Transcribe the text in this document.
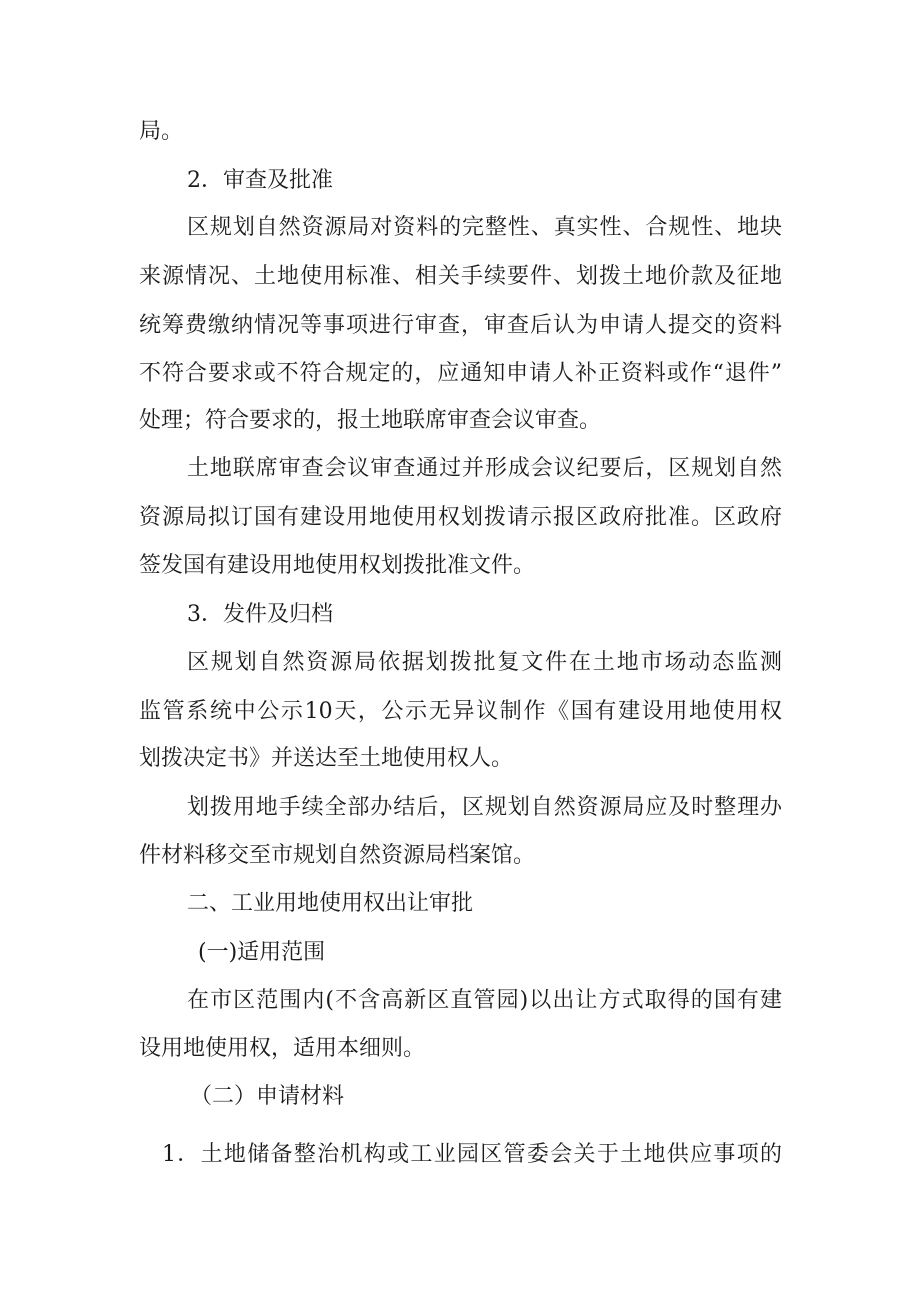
局。

2．审查及批准

区规划自然资源局对资料的完整性、真实性、合规性、地块

来源情况、土地使用标准、相关手续要件、划拨土地价款及征地

统筹费缴纳情况等事项进行审查，审查后认为申请人提交的资料

不符合要求或不符合规定的，应通知申请人补正资料或作“退件”

处理；符合要求的，报土地联席审查会议审查。

土地联席审查会议审查通过并形成会议纪要后，区规划自然

资源局拟订国有建设用地使用权划拨请示报区政府批准。区政府

签发国有建设用地使用权划拨批准文件。

3．发件及归档

区规划自然资源局依据划拨批复文件在土地市场动态监测

监管系统中公示10天，公示无异议制作《国有建设用地使用权

划拨决定书》并送达至土地使用权人。

划拨用地手续全部办结后，区规划自然资源局应及时整理办

件材料移交至市规划自然资源局档案馆。

二、工业用地使用权出让审批

(一)适用范围

在市区范围内(不含高新区直管园)以出让方式取得的国有建

设用地使用权，适用本细则。

（二）申请材料

1．土地储备整治机构或工业园区管委会关于土地供应事项的
